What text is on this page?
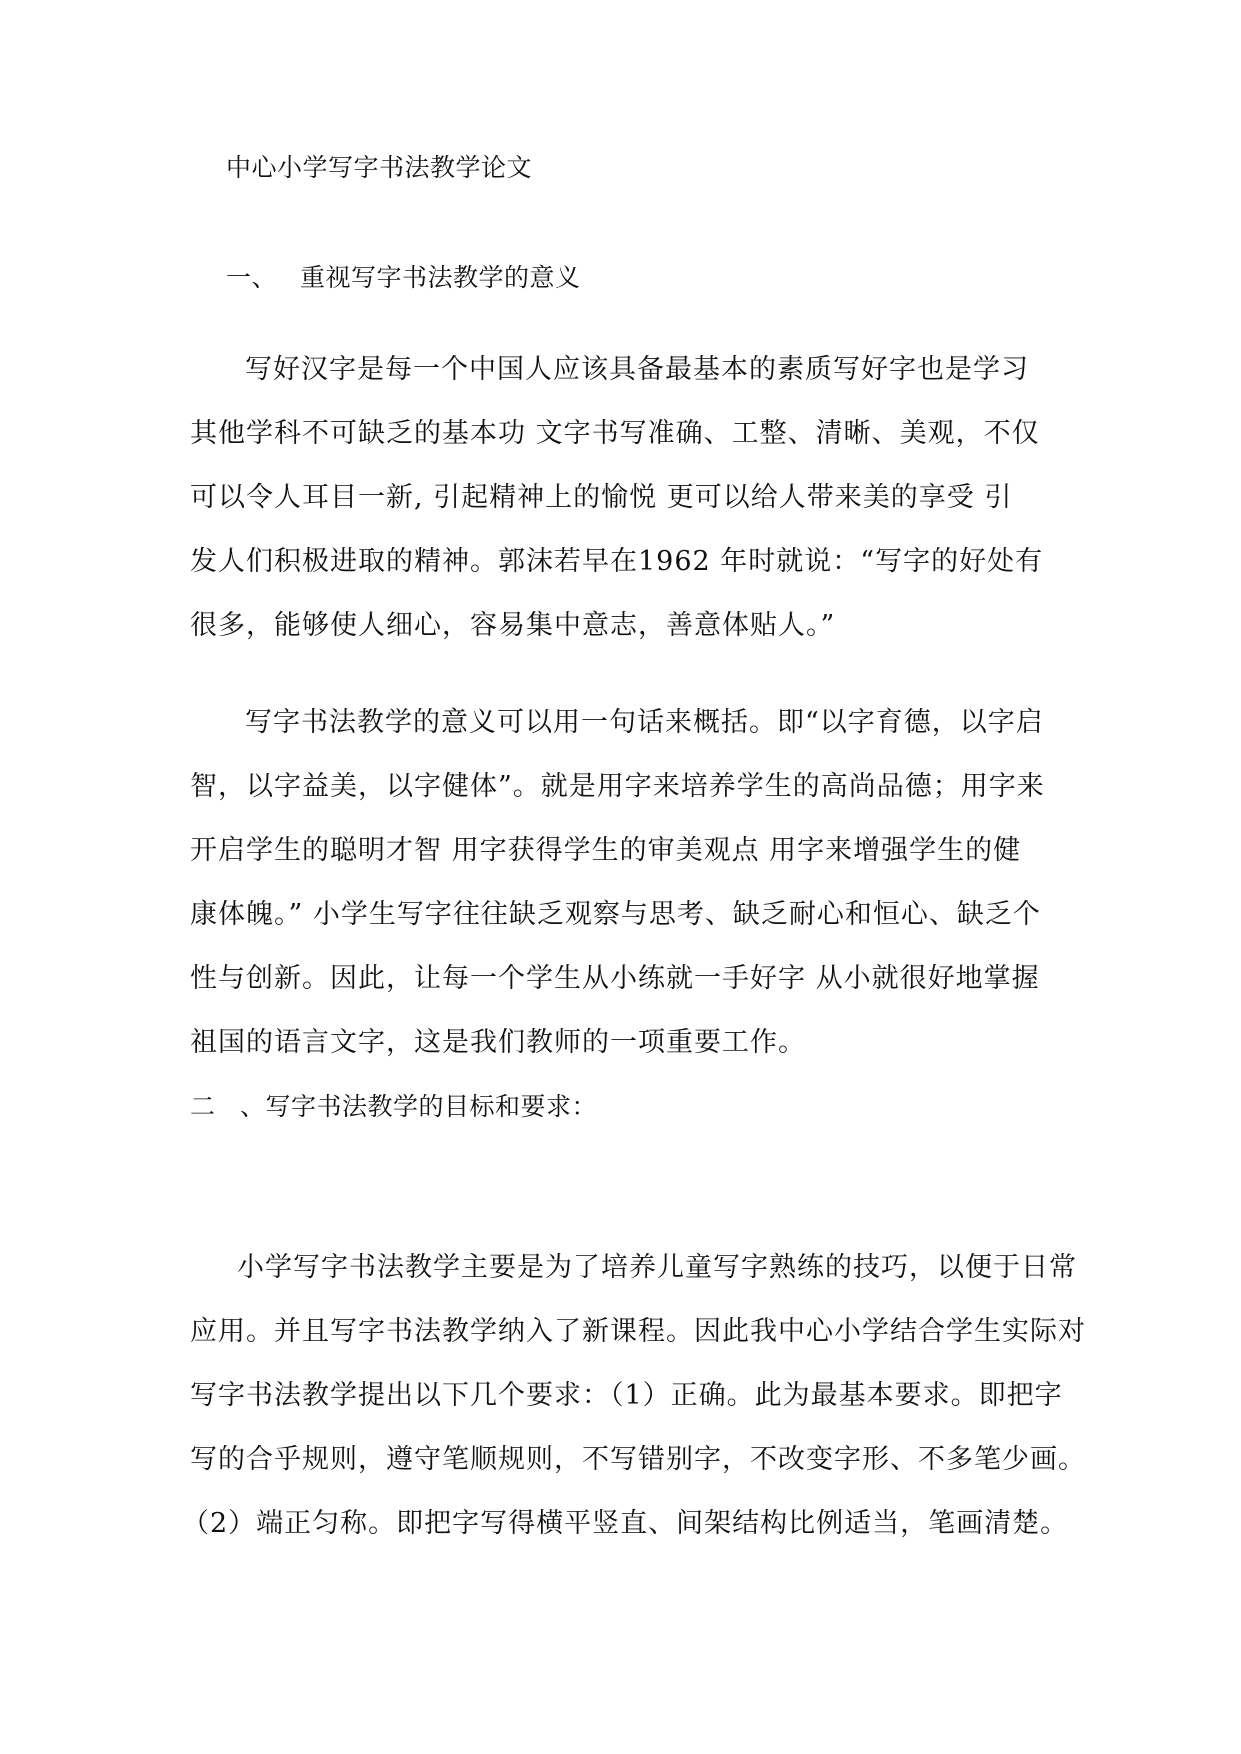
中心小学写字书法教学论文
一、 重视写字书法教学的意义
写好汉字是每一个中国人应该具备最基本的素质写好字也是学习
其他学科不可缺乏的基本功 文字书写准确、工整、清晰、美观，不仅
可以令人耳目一新, 引起精神上的愉悦 更可以给人带来美的享受 引
发人们积极进取的精神。郭沫若早在1962 年时就说：“写字的好处有
很多，能够使人细心，容易集中意志，善意体贴人。”
写字书法教学的意义可以用一句话来概括。即“以字育德，以字启
智，以字益美，以字健体”。就是用字来培养学生的高尚品德；用字来
开启学生的聪明才智 用字获得学生的审美观点 用字来增强学生的健
康体魄。” 小学生写字往往缺乏观察与思考、缺乏耐心和恒心、缺乏个
性与创新。因此，让每一个学生从小练就一手好字 从小就很好地掌握
祖国的语言文字，这是我们教师的一项重要工作。
二 、写字书法教学的目标和要求：
小学写字书法教学主要是为了培养儿童写字熟练的技巧，以便于日常
应用。并且写字书法教学纳入了新课程。因此我中心小学结合学生实际对
写字书法教学提出以下几个要求：（1）正确。此为最基本要求。即把字
写的合乎规则，遵守笔顺规则，不写错别字，不改变字形、不多笔少画。
（2）端正匀称。即把字写得横平竖直、间架结构比例适当，笔画清楚。
